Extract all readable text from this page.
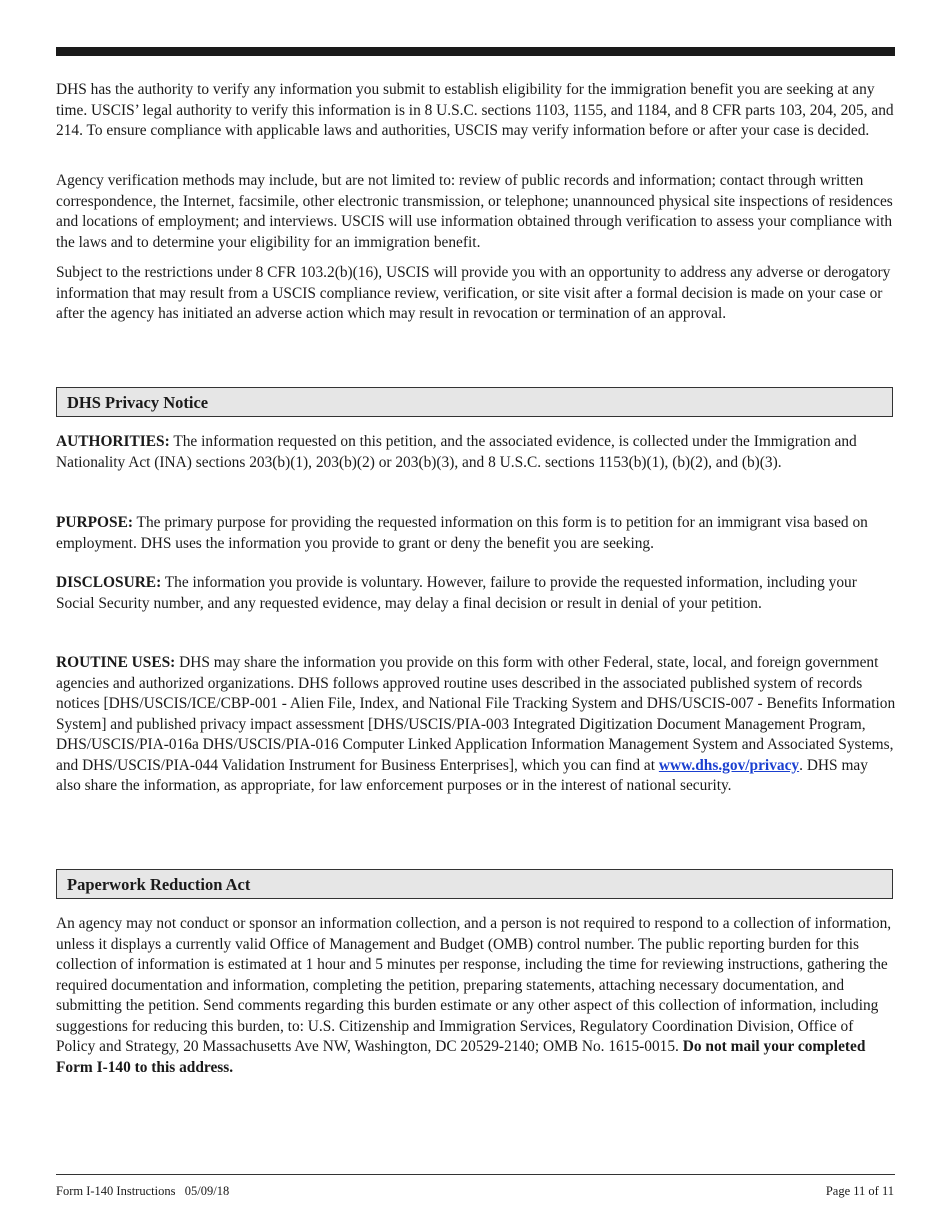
DHS has the authority to verify any information you submit to establish eligibility for the immigration benefit you are seeking at any time. USCIS’ legal authority to verify this information is in 8 U.S.C. sections 1103, 1155, and 1184, and 8 CFR parts 103, 204, 205, and 214. To ensure compliance with applicable laws and authorities, USCIS may verify information before or after your case is decided.

Agency verification methods may include, but are not limited to: review of public records and information; contact through written correspondence, the Internet, facsimile, other electronic transmission, or telephone; unannounced physical site inspections of residences and locations of employment; and interviews. USCIS will use information obtained through verification to assess your compliance with the laws and to determine your eligibility for an immigration benefit.

Subject to the restrictions under 8 CFR 103.2(b)(16), USCIS will provide you with an opportunity to address any adverse or derogatory information that may result from a USCIS compliance review, verification, or site visit after a formal decision is made on your case or after the agency has initiated an adverse action which may result in revocation or termination of an approval.

DHS Privacy Notice

AUTHORITIES: The information requested on this petition, and the associated evidence, is collected under the Immigration and Nationality Act (INA) sections 203(b)(1), 203(b)(2) or 203(b)(3), and 8 U.S.C. sections 1153(b)(1), (b)(2), and (b)(3).

PURPOSE: The primary purpose for providing the requested information on this form is to petition for an immigrant visa based on employment. DHS uses the information you provide to grant or deny the benefit you are seeking.

DISCLOSURE: The information you provide is voluntary. However, failure to provide the requested information, including your Social Security number, and any requested evidence, may delay a final decision or result in denial of your petition.

ROUTINE USES: DHS may share the information you provide on this form with other Federal, state, local, and foreign government agencies and authorized organizations. DHS follows approved routine uses described in the associated published system of records notices [DHS/USCIS/ICE/CBP-001 - Alien File, Index, and National File Tracking System and DHS/USCIS-007 - Benefits Information System] and published privacy impact assessment [DHS/USCIS/PIA-003 Integrated Digitization Document Management Program, DHS/USCIS/PIA-016a DHS/USCIS/PIA-016 Computer Linked Application Information Management System and Associated Systems, and DHS/USCIS/PIA-044 Validation Instrument for Business Enterprises], which you can find at www.dhs.gov/privacy. DHS may also share the information, as appropriate, for law enforcement purposes or in the interest of national security.

Paperwork Reduction Act

An agency may not conduct or sponsor an information collection, and a person is not required to respond to a collection of information, unless it displays a currently valid Office of Management and Budget (OMB) control number. The public reporting burden for this collection of information is estimated at 1 hour and 5 minutes per response, including the time for reviewing instructions, gathering the required documentation and information, completing the petition, preparing statements, attaching necessary documentation, and submitting the petition. Send comments regarding this burden estimate or any other aspect of this collection of information, including suggestions for reducing this burden, to: U.S. Citizenship and Immigration Services, Regulatory Coordination Division, Office of Policy and Strategy, 20 Massachusetts Ave NW, Washington, DC 20529-2140; OMB No. 1615-0015. Do not mail your completed Form I-140 to this address.

Form I-140 Instructions   05/09/18	Page 11 of 11
